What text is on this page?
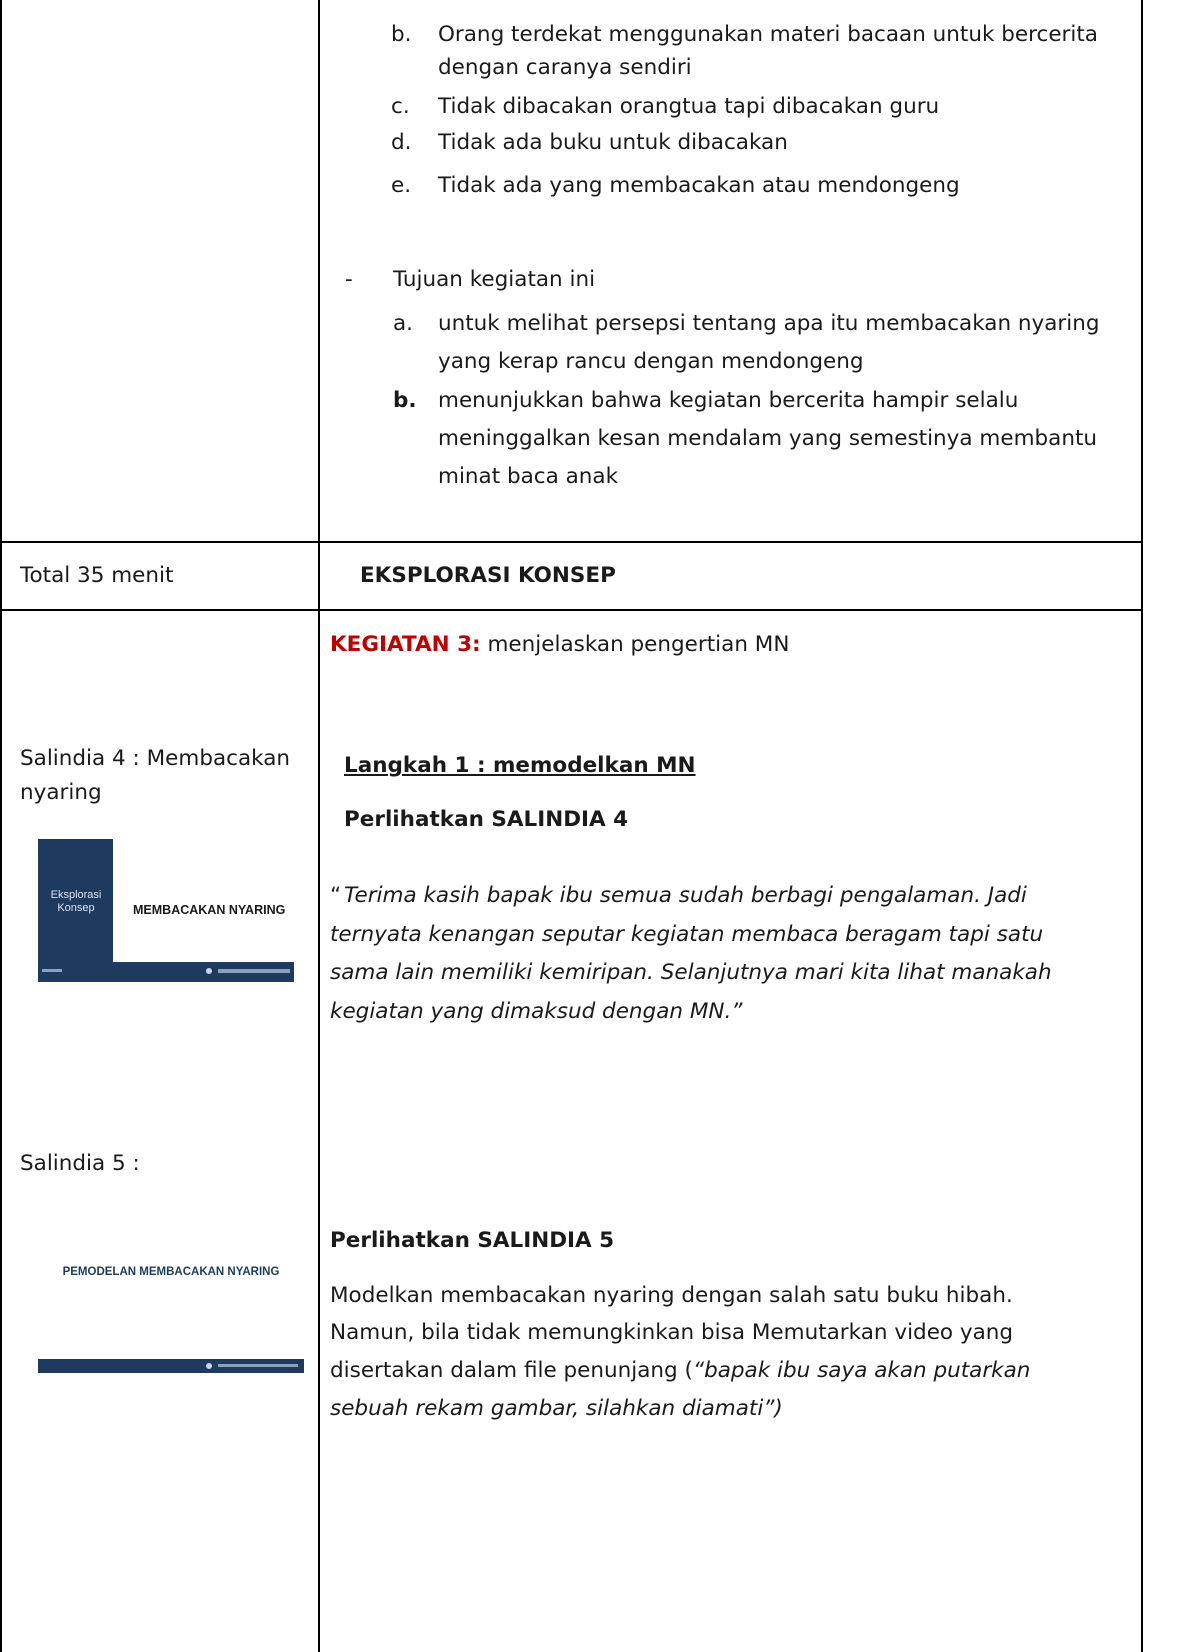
b. Orang terdekat menggunakan materi bacaan untuk bercerita
dengan caranya sendiri
c. Tidak dibacakan orangtua tapi dibacakan guru
d. Tidak ada buku untuk dibacakan
e. Tidak ada yang membacakan atau mendongeng
- Tujuan kegiatan ini
a. untuk melihat persepsi tentang apa itu membacakan nyaring
yang kerap rancu dengan mendongeng
b. menunjukkan bahwa kegiatan bercerita hampir selalu
meninggalkan kesan mendalam yang semestinya membantu
minat baca anak
Total 35 menit	EKSPLORASI KONSEP
KEGIATAN 3: menjelaskan pengertian MN
Salindia 4 : Membacakan
nyaring
Langkah 1 : memodelkan MN
Perlihatkan SALINDIA 4
Eksplorasi Konsep	MEMBACAKAN NYARING
“ Terima kasih bapak ibu semua sudah berbagi pengalaman. Jadi
ternyata kenangan seputar kegiatan membaca beragam tapi satu
sama lain memiliki kemiripan. Selanjutnya mari kita lihat manakah
kegiatan yang dimaksud dengan MN.”
Salindia 5 :
PEMODELAN MEMBACAKAN NYARING
Perlihatkan SALINDIA 5
Modelkan membacakan nyaring dengan salah satu buku hibah.
Namun, bila tidak memungkinkan bisa Memutarkan video yang
disertakan dalam file penunjang (“bapak ibu saya akan putarkan
sebuah rekam gambar, silahkan diamati”)
